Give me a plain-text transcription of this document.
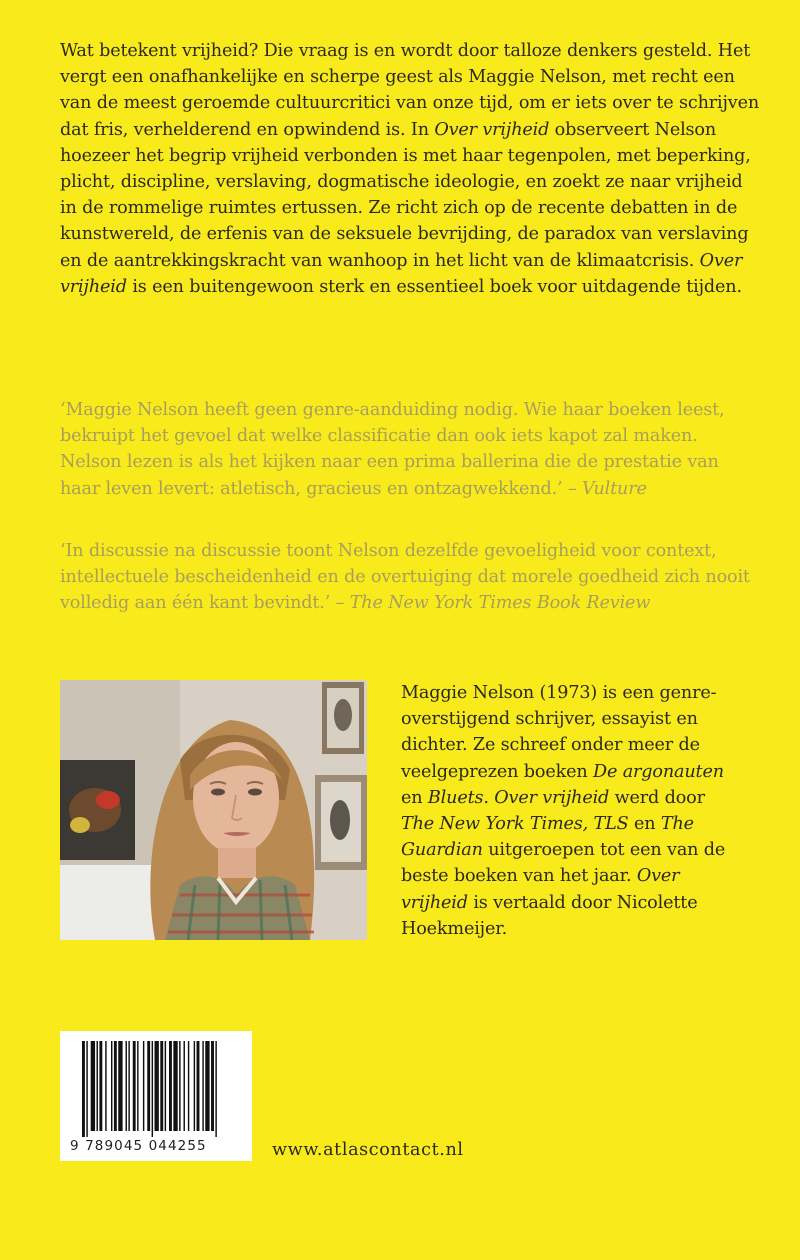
Wat betekent vrijheid? Die vraag is en wordt door talloze denkers gesteld. Het vergt een onafhankelijke en scherpe geest als Maggie Nelson, met recht een van de meest geroemde cultuurcritici van onze tijd, om er iets over te schrijven dat fris, verhelderend en opwindend is. In Over vrijheid observeert Nelson hoezeer het begrip vrijheid verbonden is met haar tegenpolen, met beperking, plicht, discipline, verslaving, dogmatische ideologie, en zoekt ze naar vrijheid in de rommelige ruimtes ertussen. Ze richt zich op de recente debatten in de kunstwereld, de erfenis van de seksuele bevrijding, de paradox van verslaving en de aantrekkingskracht van wanhoop in het licht van de klimaatcrisis. Over vrijheid is een buitengewoon sterk en essentieel boek voor uitdagende tijden.

‘Maggie Nelson heeft geen genre-aanduiding nodig. Wie haar boeken leest, bekruipt het gevoel dat welke classificatie dan ook iets kapot zal maken. Nelson lezen is als het kijken naar een prima ballerina die de prestatie van haar leven levert: atletisch, gracieus en ontzagwekkend.’ – Vulture

‘In discussie na discussie toont Nelson dezelfde gevoeligheid voor context, intellectuele bescheidenheid en de overtuiging dat morele goedheid zich nooit volledig aan één kant bevindt.’ – The New York Times Book Review

Maggie Nelson (1973) is een genre-overstijgend schrijver, essayist en dichter. Ze schreef onder meer de veelgeprezen boeken De argonauten en Bluets. Over vrijheid werd door The New York Times, TLS en The Guardian uitgeroepen tot een van de beste boeken van het jaar. Over vrijheid is vertaald door Nicolette Hoekmeijer.

9 789045 044255	www.atlascontact.nl
